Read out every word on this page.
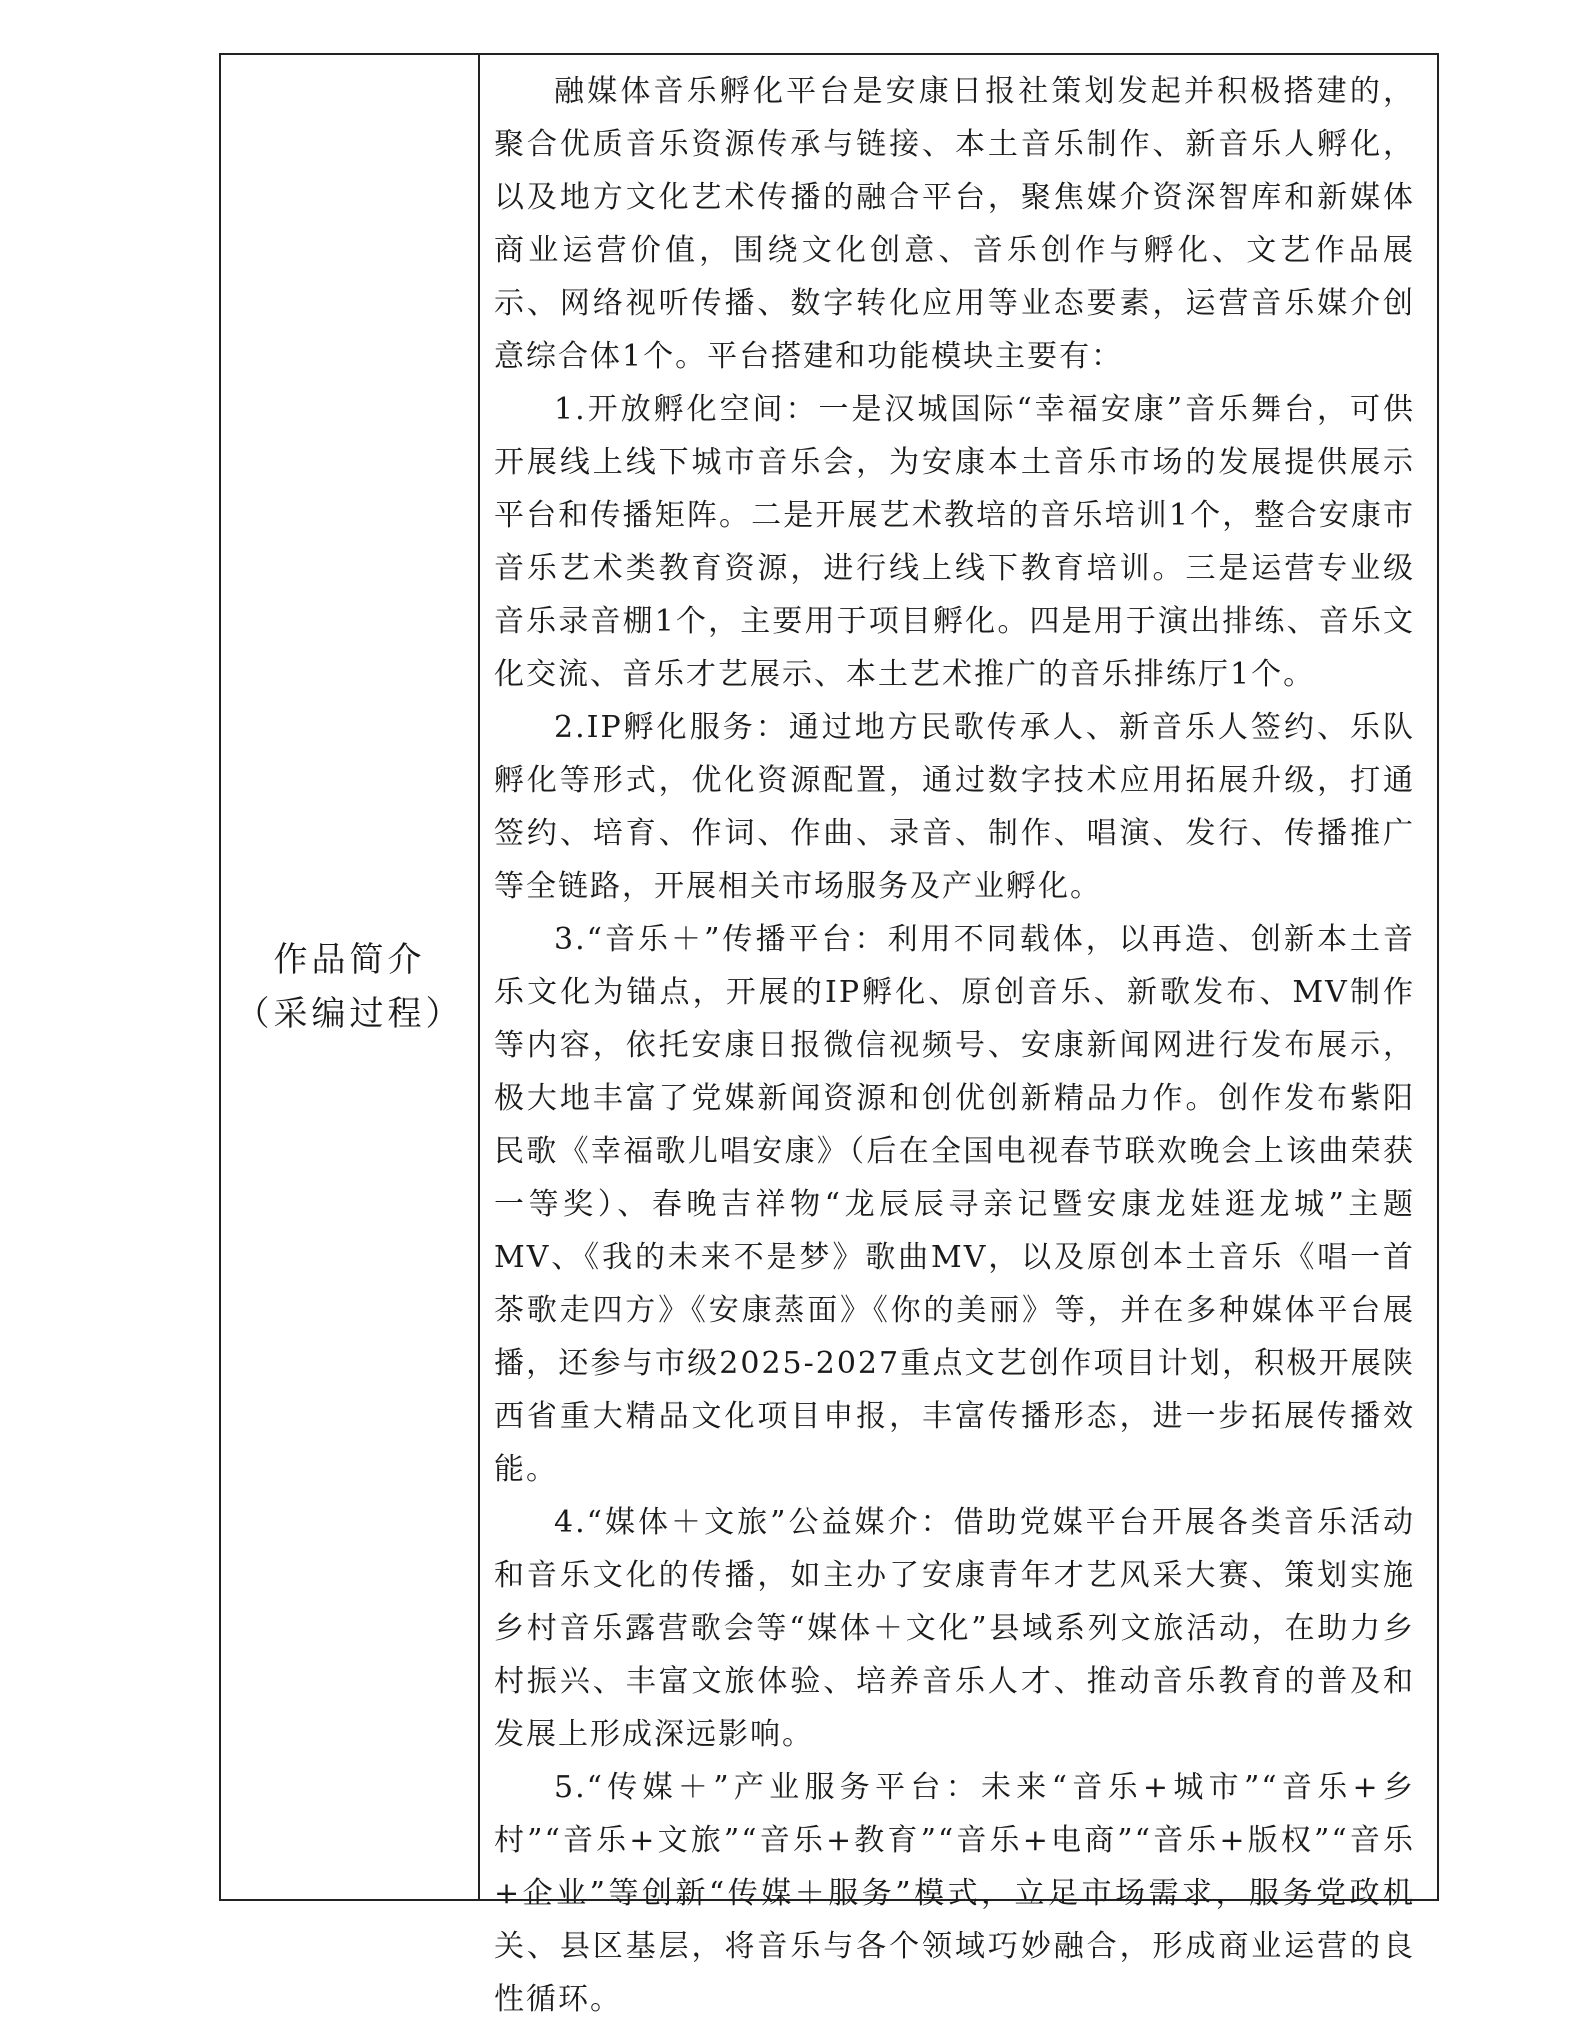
作品简介
（采编过程）

融媒体音乐孵化平台是安康日报社策划发起并积极搭建的，聚合优质音乐资源传承与链接、本土音乐制作、新音乐人孵化，以及地方文化艺术传播的融合平台，聚焦媒介资深智库和新媒体商业运营价值，围绕文化创意、音乐创作与孵化、文艺作品展示、网络视听传播、数字转化应用等业态要素，运营音乐媒介创意综合体1个。平台搭建和功能模块主要有：

1.开放孵化空间：一是汉城国际“幸福安康”音乐舞台，可供开展线上线下城市音乐会，为安康本土音乐市场的发展提供展示平台和传播矩阵。二是开展艺术教培的音乐培训1个，整合安康市音乐艺术类教育资源，进行线上线下教育培训。三是运营专业级音乐录音棚1个，主要用于项目孵化。四是用于演出排练、音乐文化交流、音乐才艺展示、本土艺术推广的音乐排练厅1个。

2.IP孵化服务：通过地方民歌传承人、新音乐人签约、乐队孵化等形式，优化资源配置，通过数字技术应用拓展升级，打通签约、培育、作词、作曲、录音、制作、唱演、发行、传播推广等全链路，开展相关市场服务及产业孵化。

3.“音乐＋”传播平台：利用不同载体，以再造、创新本土音乐文化为锚点，开展的IP孵化、原创音乐、新歌发布、MV制作等内容，依托安康日报微信视频号、安康新闻网进行发布展示，极大地丰富了党媒新闻资源和创优创新精品力作。创作发布紫阳民歌《幸福歌儿唱安康》（后在全国电视春节联欢晚会上该曲荣获一等奖）、春晚吉祥物“龙辰辰寻亲记暨安康龙娃逛龙城”主题MV、《我的未来不是梦》歌曲MV，以及原创本土音乐《唱一首茶歌走四方》《安康蒸面》《你的美丽》等，并在多种媒体平台展播，还参与市级2025-2027重点文艺创作项目计划，积极开展陕西省重大精品文化项目申报，丰富传播形态，进一步拓展传播效能。

4.“媒体＋文旅”公益媒介：借助党媒平台开展各类音乐活动和音乐文化的传播，如主办了安康青年才艺风采大赛、策划实施乡村音乐露营歌会等“媒体＋文化”县域系列文旅活动，在助力乡村振兴、丰富文旅体验、培养音乐人才、推动音乐教育的普及和发展上形成深远影响。

5.“传媒＋”产业服务平台：未来“音乐+城市”“音乐+乡村”“音乐+文旅”“音乐+教育”“音乐+电商”“音乐+版权”“音乐+企业”等创新“传媒＋服务”模式，立足市场需求，服务党政机关、县区基层，将音乐与各个领域巧妙融合，形成商业运营的良性循环。
